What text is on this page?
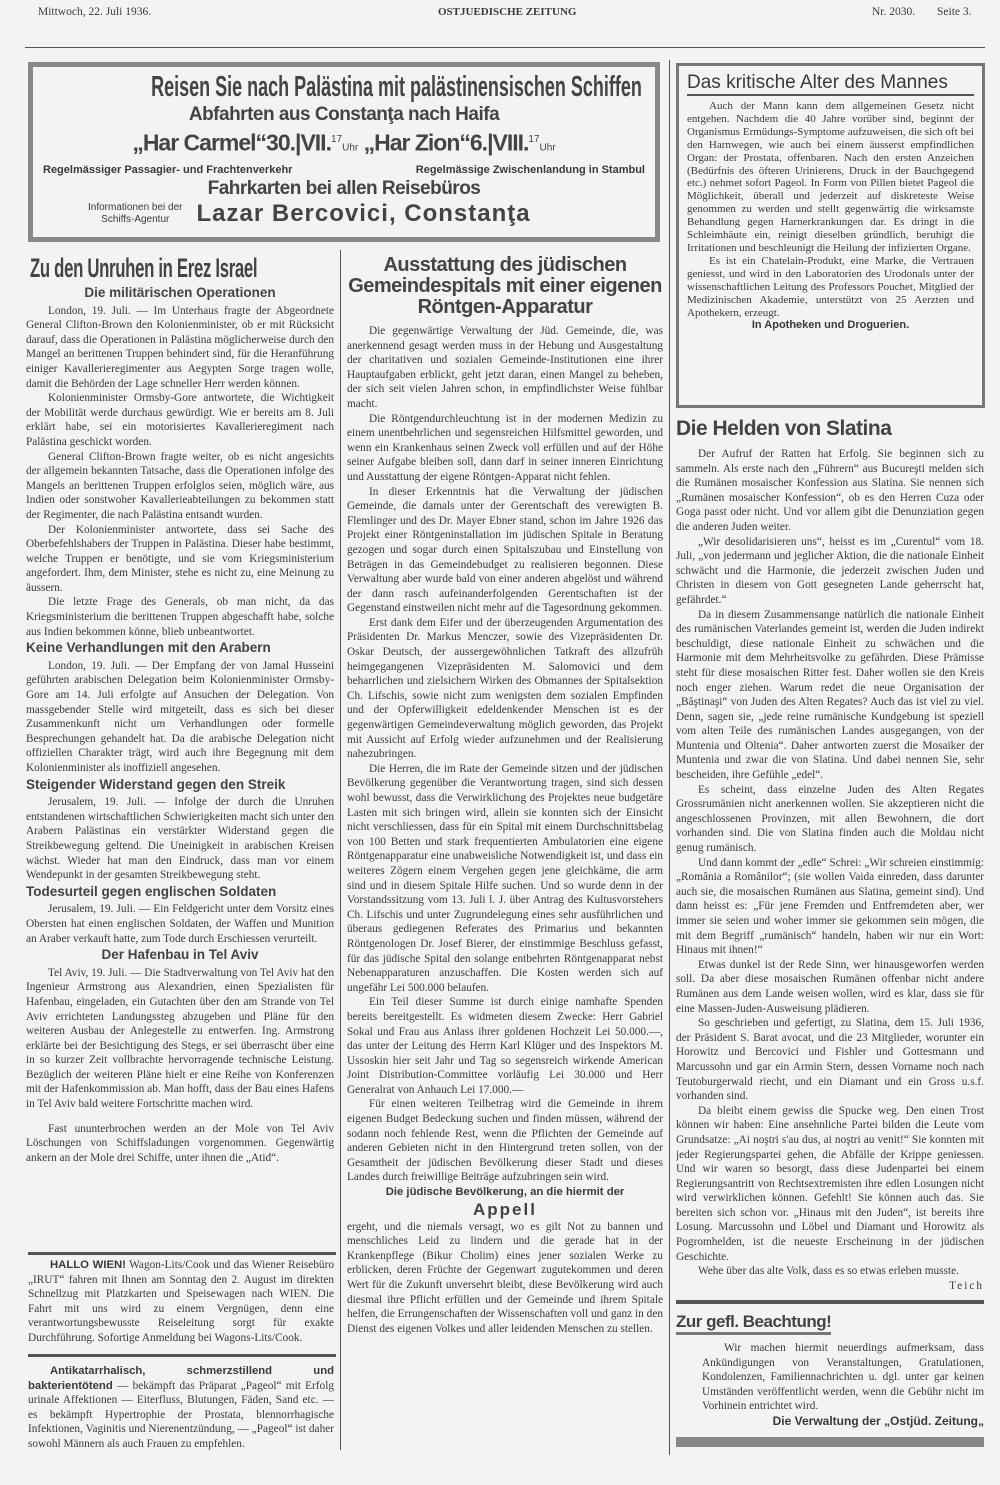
Mittwoch, 22. Juli 1936.	OSTJUEDISCHE ZEITUNG	Nr. 2030. Seite 3.
Reisen Sie nach Palästina mit palästinensischen Schiffen
Abfahrten aus Constanţa nach Haifa
„Har Carmel“30.|VII.$^{17}$Uhr „Har Zion“6.|VIII.$^{17}$Uhr
Regelmässiger Passagier- und Frachtenverkehr	Regelmässige Zwischenlandung in Stambul
Fahrkarten bei allen Reisebüros
Informationen bei der
Schiffs-Agentur	Lazar Bercovici, Constanţa
Zu den Unruhen in Erez Israel
Die militärischen Operationen

London, 19. Juli. — Im Unterhaus fragte der Abgeordnete General Clifton-Brown den Kolonienminister, ob er mit Rücksicht darauf, dass die Operationen in Palästina möglicherweise durch den Mangel an berittenen Truppen behindert sind, für die Heranführung einiger Kavallerieregimenter aus Aegypten Sorge tragen wolle, damit die Behörden der Lage schneller Herr werden können.

Kolonienminister Ormsby-Gore antwortete, die Wichtigkeit der Mobilität werde durchaus gewürdigt. Wie er bereits am 8. Juli erklärt habe, sei ein motorisiertes Kavallerieregiment nach Palästina geschickt worden.

General Clifton-Brown fragte weiter, ob es nicht angesichts der allgemein bekannten Tatsache, dass die Operationen infolge des Mangels an berittenen Truppen erfolglos seien, möglich wäre, aus Indien oder sonstwoher Kavallerieabteilungen zu bekommen statt der Regimenter, die nach Palästina entsandt wurden.

Der Kolonienminister antwortete, dass sei Sache des Oberbefehlshabers der Truppen in Palästina. Dieser habe bestimmt, welche Truppen er benötigte, und sie vom Kriegsministerium angefordert. Ihm, dem Minister, stehe es nicht zu, eine Meinung zu äussern.

Die letzte Frage des Generals, ob man nicht, da das Kriegsministerium die berittenen Truppen abgeschafft habe, solche aus Indien bekommen könne, blieb unbeantwortet.

Keine Verhandlungen mit den Arabern

London, 19. Juli. — Der Empfang der von Jamal Husseini geführten arabischen Delegation beim Kolonienminister Ormsby-Gore am 14. Juli erfolgte auf Ansuchen der Delegation. Von massgebender Stelle wird mitgeteilt, dass es sich bei dieser Zusammenkunft nicht um Verhandlungen oder formelle Besprechungen gehandelt hat. Da die arabische Delegation nicht offiziellen Charakter trägt, wird auch ihre Begegnung mit dem Kolonienminister als inoffiziell angesehen.

Steigender Widerstand gegen den Streik

Jerusalem, 19. Juli. — Infolge der durch die Unruhen entstandenen wirtschaftlichen Schwierigkeiten macht sich unter den Arabern Palästinas ein verstärkter Widerstand gegen die Streikbewegung geltend. Die Uneinigkeit in arabischen Kreisen wächst. Wieder hat man den Eindruck, dass man vor einem Wendepunkt in der gesamten Streikbewegung steht.

Todesurteil gegen englischen Soldaten

Jerusalem, 19. Juli. — Ein Feldgericht unter dem Vorsitz eines Obersten hat einen englischen Soldaten, der Waffen und Munition an Araber verkauft hatte, zum Tode durch Erschiessen verurteilt.

Der Hafenbau in Tel Aviv

Tel Aviv, 19. Juli. — Die Stadtverwaltung von Tel Aviv hat den Ingenieur Armstrong aus Alexandrien, einen Spezialisten für Hafenbau, eingeladen, ein Gutachten über den am Strande von Tel Aviv errichteten Landungssteg abzugeben und Pläne für den weiteren Ausbau der Anlegestelle zu entwerfen. Ing. Armstrong erklärte bei der Besichtigung des Stegs, er sei überrascht über eine in so kurzer Zeit vollbrachte hervorragende technische Leistung. Bezüglich der weiteren Pläne hielt er eine Reihe von Konferenzen mit der Hafenkommission ab. Man hofft, dass der Bau eines Hafens in Tel Aviv bald weitere Fortschritte machen wird.

Fast ununterbrochen werden an der Mole von Tel Aviv Löschungen von Schiffsladungen vorgenommen. Gegenwärtig ankern an der Mole drei Schiffe, unter ihnen die „Atid“.

HALLO WIEN! Wagon-Lits/Cook und das Wiener Reisebüro „IRUT“ fahren mit Ihnen am Sonntag den 2. August im direkten Schnellzug mit Platzkarten und Speisewagen nach WIEN. Die Fahrt mit uns wird zu einem Vergnügen, denn eine verantwortungsbewusste Reiseleitung sorgt für exakte Durchführung. Sofortige Anmeldung bei Wagons-Lits/Cook.

Antikatarrhalisch, schmerzstillend und bakterientötend — bekämpft das Präparat „Pageol“ mit Erfolg urinale Affektionen — Eiterfluss, Blutungen, Fäden, Sand etc. — es bekämpft Hypertrophie der Prostata, blennorrhagische Infektionen, Vaginitis und Nierenentzündung, — „Pageol“ ist daher sowohl Männern als auch Frauen zu empfehlen.

Ausstattung des jüdischen Gemeindespitals mit einer eigenen Röntgen-Apparatur

Die gegenwärtige Verwaltung der Jüd. Gemeinde, die, was anerkennend gesagt werden muss in der Hebung und Ausgestaltung der charitativen und sozialen Gemeinde-Institutionen eine ihrer Hauptaufgaben erblickt, geht jetzt daran, einen Mangel zu beheben, der sich seit vielen Jahren schon, in empfindlichster Weise fühlbar macht.

Die Röntgendurchleuchtung ist in der modernen Medizin zu einem unentbehrlichen und segensreichen Hilfsmittel geworden, und wenn ein Krankenhaus seinen Zweck voll erfüllen und auf der Höhe seiner Aufgabe bleiben soll, dann darf in seiner inneren Einrichtung und Ausstattung der eigene Röntgen-Apparat nicht fehlen.

In dieser Erkenntnis hat die Verwaltung der jüdischen Gemeinde, die damals unter der Gerentschaft des verewigten B. Flemlinger und des Dr. Mayer Ebner stand, schon im Jahre 1926 das Projekt einer Röntgeninstallation im jüdischen Spitale in Beratung gezogen und sogar durch einen Spitalszubau und Einstellung von Beträgen in das Gemeindebudget zu realisieren begonnen. Diese Verwaltung aber wurde bald von einer anderen abgelöst und während der dann rasch aufeinanderfolgenden Gerentschaften ist der Gegenstand einstweilen nicht mehr auf die Tagesordnung gekommen.

Erst dank dem Eifer und der überzeugenden Argumentation des Präsidenten Dr. Markus Menczer, sowie des Vizepräsidenten Dr. Oskar Deutsch, der aussergewöhnlichen Tatkraft des allzufrüh heimgegangenen Vizepräsidenten M. Salomovici und dem beharrlichen und zielsichern Wirken des Obmannes der Spitalsektion Ch. Lifschis, sowie nicht zum wenigsten dem sozialen Empfinden und der Opferwilligkeit edeldenkender Menschen ist es der gegenwärtigen Gemeindeverwaltung möglich geworden, das Projekt mit Aussicht auf Erfolg wieder aufzunehmen und der Realisierung nahezubringen.

Die Herren, die im Rate der Gemeinde sitzen und der jüdischen Bevölkerung gegenüber die Verantwortung tragen, sind sich dessen wohl bewusst, dass die Verwirklichung des Projektes neue budgetäre Lasten mit sich bringen wird, allein sie konnten sich der Einsicht nicht verschliessen, dass für ein Spital mit einem Durchschnittsbelag von 100 Betten und stark frequentierten Ambulatorien eine eigene Röntgenapparatur eine unabweisliche Notwendigkeit ist, und dass ein weiteres Zögern einem Vergehen gegen jene gleichkäme, die arm sind und in diesem Spitale Hilfe suchen. Und so wurde denn in der Vorstandssitzung vom 13. Juli l. J. über Antrag des Kultusvorstehers Ch. Lifschis und unter Zugrundelegung eines sehr ausführlichen und überaus gediegenen Referates des Primarius und bekannten Röntgenologen Dr. Josef Bierer, der einstimmige Beschluss gefasst, für das jüdische Spital den solange entbehrten Röntgenapparat nebst Nebenapparaturen anzuschaffen. Die Kosten werden sich auf ungefähr Lei 500.000 belaufen.

Ein Teil dieser Summe ist durch einige namhafte Spenden bereits bereitgestellt. Es widmeten diesem Zwecke: Herr Gabriel Sokal und Frau aus Anlass ihrer goldenen Hochzeit Lei 50.000.—, das unter der Leitung des Herrn Karl Klüger und des Inspektors M. Ussoskin hier seit Jahr und Tag so segensreich wirkende American Joint Distribution-Committee vorläufig Lei 30.000 und Herr Generalrat von Anhauch Lei 17.000.—

Für einen weiteren Teilbetrag wird die Gemeinde in ihrem eigenen Budget Bedeckung suchen und finden müssen, während der sodann noch fehlende Rest, wenn die Pflichten der Gemeinde auf anderen Gebieten nicht in den Hintergrund treten sollen, von der Gesamtheit der jüdischen Bevölkerung dieser Stadt und dieses Landes durch freiwillige Beiträge aufzubringen sein wird.

Die jüdische Bevölkerung, an die hiermit der
Appell

ergeht, und die niemals versagt, wo es gilt Not zu bannen und menschliches Leid zu lindern und die gerade hat in der Krankenpflege (Bikur Cholim) eines jener sozialen Werke zu erblicken, deren Früchte der Gegenwart zugutekommen und deren Wert für die Zukunft unversehrt bleibt, diese Bevölkerung wird auch diesmal ihre Pflicht erfüllen und der Gemeinde und ihrem Spitale helfen, die Errungenschaften der Wissenschaften voll und ganz in den Dienst des eigenen Volkes und aller leidenden Menschen zu stellen.

Das kritische Alter des Mannes

Auch der Mann kann dem allgemeinen Gesetz nicht entgehen. Nachdem die 40 Jahre vorüber sind, beginnt der Organismus Ermüdungs-Symptome aufzuweisen, die sich oft bei den Harnwegen, wie auch bei einem äusserst empfindlichen Organ: der Prostata, offenbaren. Nach den ersten Anzeichen (Bedürfnis des öfteren Urinierens, Druck in der Bauchgegend etc.) nehmet sofort Pageol. In Form von Pillen bietet Pageol die Möglichkeit, überall und jederzeit auf diskreteste Weise genommen zu werden und stellt gegenwärtig die wirksamste Behandlung gegen Harnerkrankungen dar. Es dringt in die Schleimhäute ein, reinigt dieselben gründlich, beruhigt die Irritationen und beschleunigt die Heilung der infizierten Organe.

Es ist ein Chatelain-Produkt, eine Marke, die Vertrauen geniesst, und wird in den Laboratorien des Urodonals unter der wissenschaftlichen Leitung des Professors Pouchet, Mitglied der Medizinischen Akademie, unterstützt von 25 Aerzten und Apothekern, erzeugt.

In Apotheken und Droguerien.
Die Helden von Slatina

Der Aufruf der Ratten hat Erfolg. Sie beginnen sich zu sammeln. Als erste nach den „Führern“ aus Bucureşti melden sich die Rumänen mosaischer Konfession aus Slatina. Sie nennen sich „Rumänen mosaischer Konfession“, ob es den Herren Cuza oder Goga passt oder nicht. Und vor allem gibt die Denunziation gegen die anderen Juden weiter.

„Wir desolidarisieren uns“, heisst es im „Curentul“ vom 18. Juli, „von jedermann und jeglicher Aktion, die die nationale Einheit schwächt und die Harmonie, die jederzeit zwischen Juden und Christen in diesem von Gott gesegneten Lande geherrscht hat, gefährdet.“

Da in diesem Zusammensange natürlich die nationale Einheit des rumänischen Vaterlandes gemeint ist, werden die Juden indirekt beschuldigt, diese nationale Einheit zu schwächen und die Harmonie mit dem Mehrheitsvolke zu gefährden. Diese Prämisse steht für diese mosaischen Ritter fest. Daher wollen sie den Kreis noch enger ziehen. Warum redet die neue Organisation der „Băştinaşi“ von Juden des Alten Regates? Auch das ist viel zu viel. Denn, sagen sie, „jede reine rumänische Kundgebung ist speziell vom alten Teile des rumänischen Landes ausgegangen, von der Muntenia und Oltenia“. Daher antworten zuerst die Mosaiker der Muntenia und zwar die von Slatina. Und dabei nennen Sie, sehr bescheiden, ihre Gefühle „edel“.

Es scheint, dass einzelne Juden des Alten Regates Grossrumänien nicht anerkennen wollen. Sie akzeptieren nicht die angeschlossenen Provinzen, mit allen Bewohnern, die dort vorhanden sind. Die von Slatina finden auch die Moldau nicht genug rumänisch.

Und dann kommt der „edle“ Schrei: „Wir schreien einstimmig: „România a Românilor“; (sie wollen Vaida einreden, dass darunter auch sie, die mosaischen Rumänen aus Slatina, gemeint sind). Und dann heisst es: „Für jene Fremden und Entfremdeten aber, wer immer sie seien und woher immer sie gekommen sein mögen, die mit dem Begriff „rumänisch“ handeln, haben wir nur ein Wort: Hinaus mit ihnen!“

Etwas dunkel ist der Rede Sinn, wer hinausgeworfen werden soll. Da aber diese mosaischen Rumänen offenbar nicht andere Rumänen aus dem Lande weisen wollen, wird es klar, dass sie für eine Massen-Juden-Ausweisung plädieren.

So geschrieben und gefertigt, zu Slatina, dem 15. Juli 1936, der Präsident S. Barat avocat, und die 23 Mitglieder, worunter ein Horowitz und Bercovici und Fishler und Gottesmann und Marcussohn und gar ein Armin Stern, dessen Vorname noch nach Teutoburgerwald riecht, und ein Diamant und ein Gross u.s.f. vorhanden sind.

Da bleibt einem gewiss die Spucke weg. Den einen Trost können wir haben: Eine ansehnliche Partei bilden die Leute vom Grundsatze: „Ai noştri s'au dus, ai noştri au venit!“ Sie konnten mit jeder Regierungspartei gehen, die Abfälle der Krippe geniessen. Und wir waren so besorgt, dass diese Judenpartei bei einem Regierungsantritt von Rechtsextremisten ihre edlen Losungen nicht wird verwirklichen können. Gefehlt! Sie können auch das. Sie bereiten sich schon vor. „Hinaus mit den Juden“, ist bereits ihre Losung. Marcussohn und Löbel und Diamant und Horowitz als Pogromhelden, ist die neueste Erscheinung in der jüdischen Geschichte.

Wehe über das alte Volk, dass es so etwas erleben musste.

Teich
Zur gefl. Beachtung!

Wir machen hiermit neuerdings aufmerksam, dass Ankündigungen von Veranstaltungen, Gratulationen, Kondolenzen, Familiennachrichten u. dgl. unter gar keinen Umständen veröffentlicht werden, wenn die Gebühr nicht im Vorhinein entrichtet wird.

Die Verwaltung der „Ostjüd. Zeitung„
